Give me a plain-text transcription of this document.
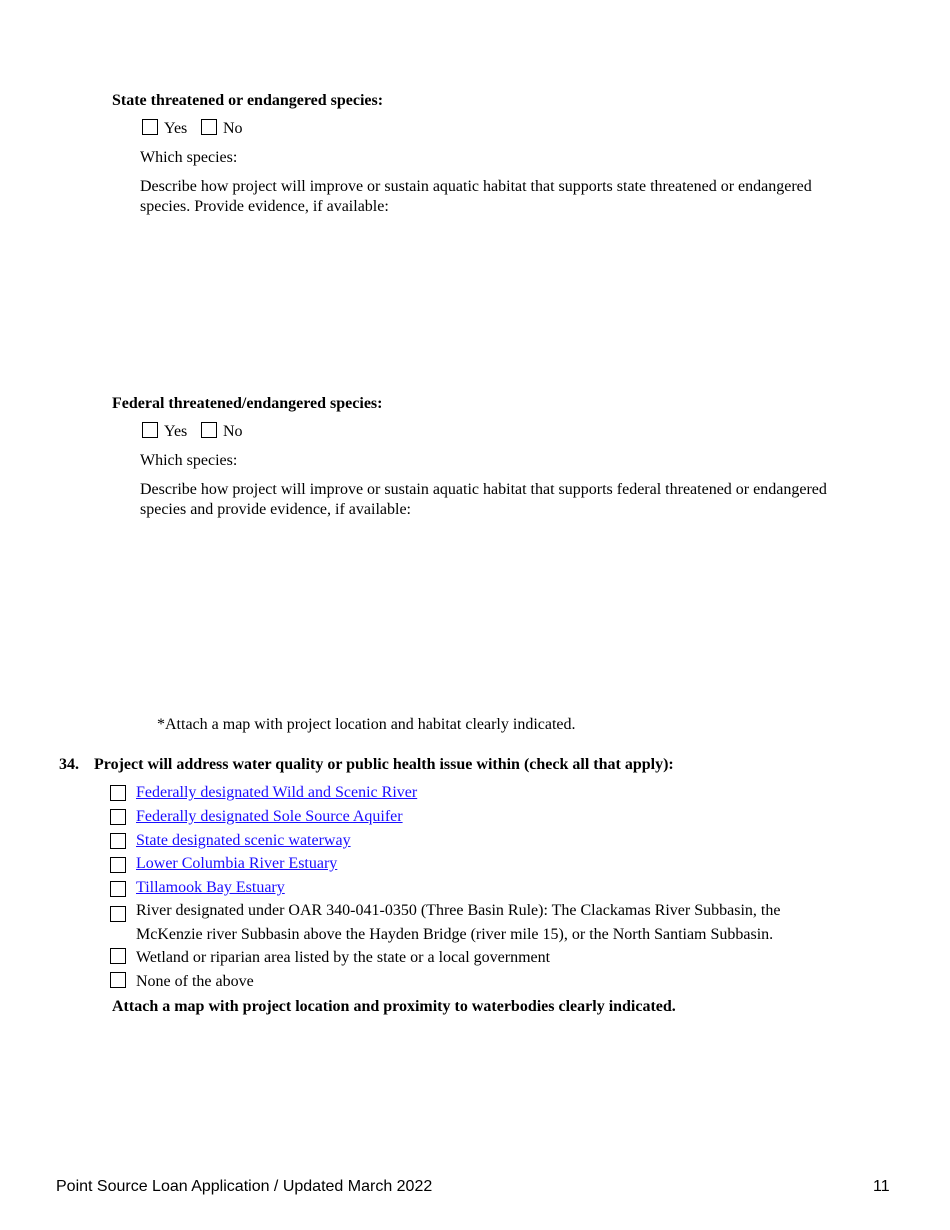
State threatened or endangered species:
Yes No
Which species:
Describe how project will improve or sustain aquatic habitat that supports state threatened or endangered
species. Provide evidence, if available:
Federal threatened/endangered species:
Yes No
Which species:
Describe how project will improve or sustain aquatic habitat that supports federal threatened or endangered
species and provide evidence, if available:
*Attach a map with project location and habitat clearly indicated.
34. Project will address water quality or public health issue within (check all that apply):
Federally designated Wild and Scenic River
Federally designated Sole Source Aquifer
State designated scenic waterway
Lower Columbia River Estuary
Tillamook Bay Estuary
River designated under OAR 340-041-0350 (Three Basin Rule): The Clackamas River Subbasin, the
McKenzie river Subbasin above the Hayden Bridge (river mile 15), or the North Santiam Subbasin.
Wetland or riparian area listed by the state or a local government
None of the above
Attach a map with project location and proximity to waterbodies clearly indicated.
Point Source Loan Application / Updated March 2022	11
